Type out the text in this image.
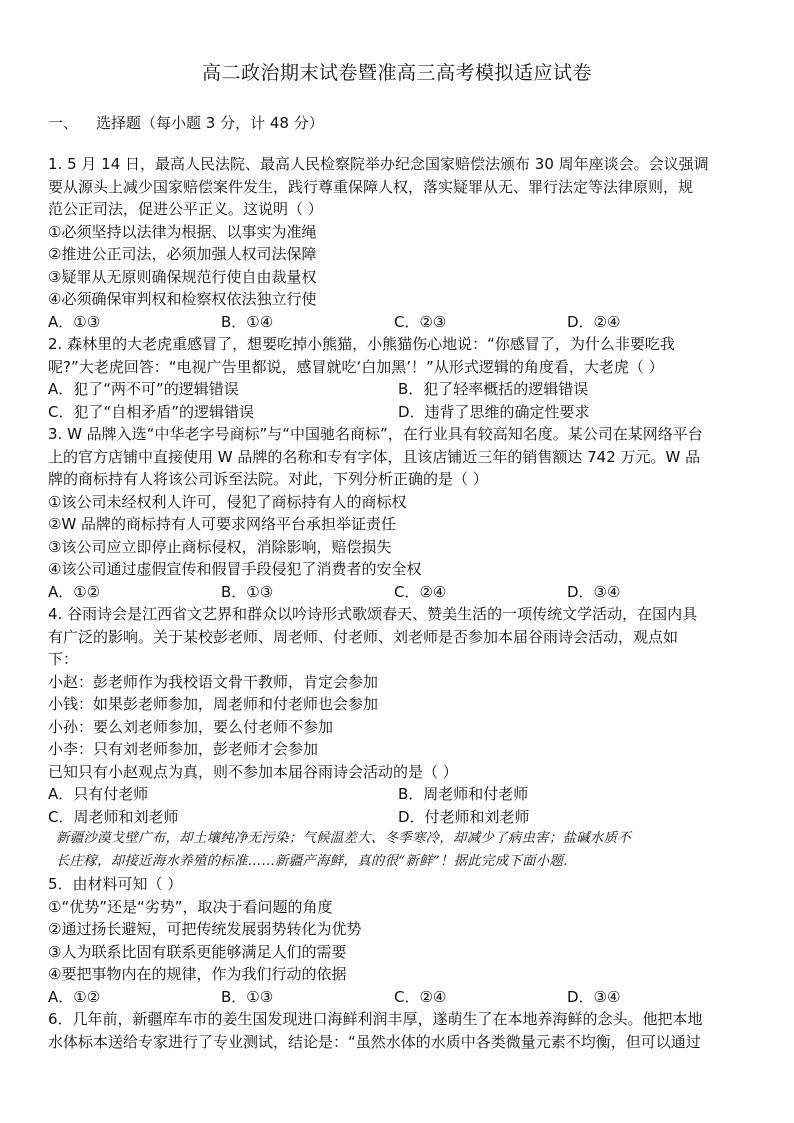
高二政治期末试卷暨准高三高考模拟适应试卷
一、 选择题（每小题 3 分，计 48 分）
1. 5 月 14 日，最高人民法院、最高人民检察院举办纪念国家赔偿法颁布 30 周年座谈会。会议强调
要从源头上减少国家赔偿案件发生，践行尊重保障人权，落实疑罪从无、罪行法定等法律原则，规
范公正司法，促进公平正义。这说明（ ）
①必须坚持以法律为根据、以事实为准绳
②推进公正司法，必须加强人权司法保障
③疑罪从无原则确保规范行使自由裁量权
④必须确保审判权和检察权依法独立行使
A．①③	B．①④	C．②③	D．②④
2. 森林里的大老虎重感冒了，想要吃掉小熊猫，小熊猫伤心地说：“你感冒了，为什么非要吃我
呢?”大老虎回答：“电视广告里都说，感冒就吃‘白加黑’！”从形式逻辑的角度看，大老虎（ ）
A．犯了“两不可”的逻辑错误	B．犯了轻率概括的逻辑错误
C．犯了“自相矛盾”的逻辑错误	D．违背了思维的确定性要求
3. W 品牌入选“中华老字号商标”与“中国驰名商标”，在行业具有较高知名度。某公司在某网络平台
上的官方店铺中直接使用 W 品牌的名称和专有字体，且该店铺近三年的销售额达 742 万元。W 品
牌的商标持有人将该公司诉至法院。对此，下列分析正确的是（ ）
①该公司未经权利人许可，侵犯了商标持有人的商标权
②W 品牌的商标持有人可要求网络平台承担举证责任
③该公司应立即停止商标侵权，消除影响，赔偿损失
④该公司通过虚假宣传和假冒手段侵犯了消费者的安全权
A．①②	B．①③	C．②④	D．③④
4. 谷雨诗会是江西省文艺界和群众以吟诗形式歌颂春天、赞美生活的一项传统文学活动，在国内具
有广泛的影响。关于某校彭老师、周老师、付老师、刘老师是否参加本届谷雨诗会活动，观点如
下：
小赵：彭老师作为我校语文骨干教师，肯定会参加
小钱：如果彭老师参加，周老师和付老师也会参加
小孙：要么刘老师参加，要么付老师不参加
小李：只有刘老师参加，彭老师才会参加
已知只有小赵观点为真，则不参加本届谷雨诗会活动的是（ ）
A．只有付老师	B．周老师和付老师
C．周老师和刘老师	D．付老师和刘老师
新疆沙漠戈壁广布，却土壤纯净无污染；气候温差大、冬季寒冷，却减少了病虫害；盐碱水质不
长庄稼，却接近海水养殖的标准……新疆产海鲜，真的很“新鲜”！据此完成下面小题.
5．由材料可知（ ）
①“优势”还是“劣势”，取决于看问题的角度
②通过扬长避短，可把传统发展弱势转化为优势
③人为联系比固有联系更能够满足人们的需要
④要把事物内在的规律，作为我们行动的依据
A．①②	B．①③	C．②④	D．③④
6．几年前，新疆库车市的姜生国发现进口海鲜利润丰厚，遂萌生了在本地养海鲜的念头。他把本地
水体标本送给专家进行了专业测试，结论是：“虽然水体的水质中各类微量元素不均衡，但可以通过
